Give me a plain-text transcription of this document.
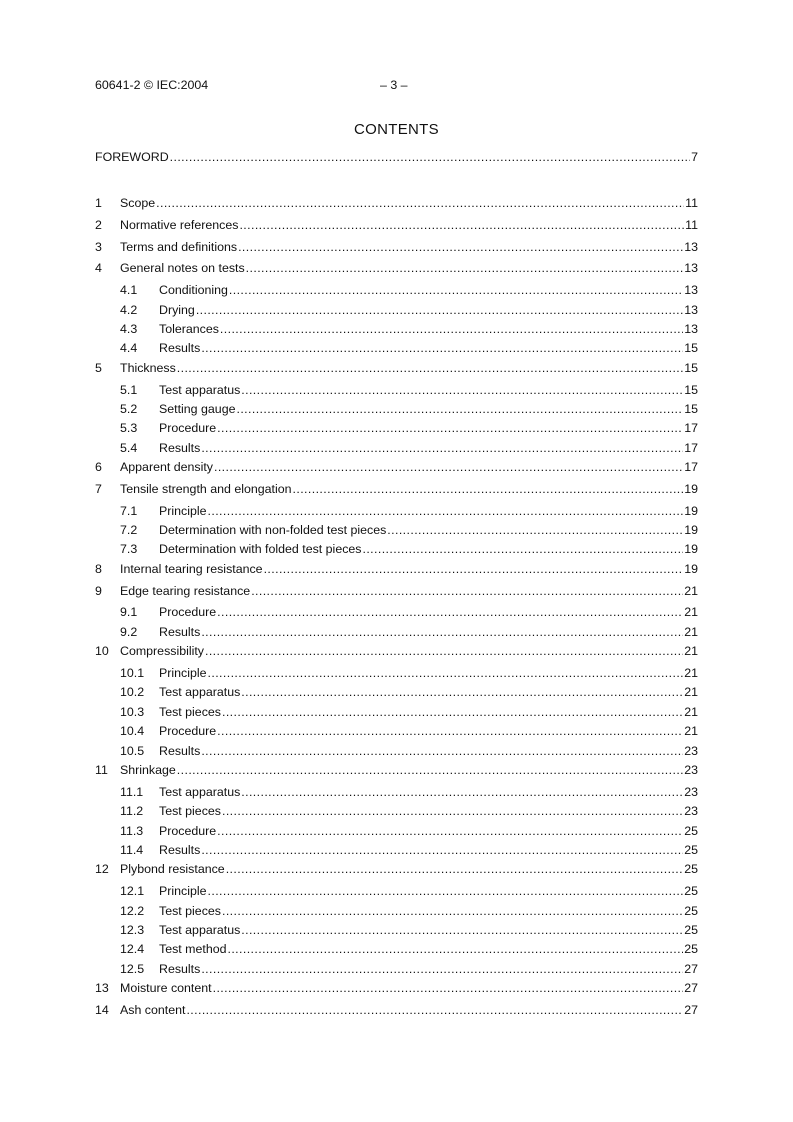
60641-2 © IEC:2004	– 3 –
CONTENTS
FOREWORD .....	7
1	Scope .....	11
2	Normative references .....	11
3	Terms and definitions .....	13
4	General notes on tests .....	13
4.1	Conditioning .....	13
4.2	Drying .....	13
4.3	Tolerances .....	13
4.4	Results .....	15
5	Thickness .....	15
5.1	Test apparatus .....	15
5.2	Setting gauge .....	15
5.3	Procedure .....	17
5.4	Results .....	17
6	Apparent density .....	17
7	Tensile strength and elongation .....	19
7.1	Principle .....	19
7.2	Determination with non-folded test pieces .....	19
7.3	Determination with folded test pieces .....	19
8	Internal tearing resistance .....	19
9	Edge tearing resistance .....	21
9.1	Procedure .....	21
9.2	Results .....	21
10 Compressibility .....	21
10.1	Principle .....	21
10.2	Test apparatus .....	21
10.3	Test pieces .....	21
10.4	Procedure .....	21
10.5	Results .....	23
11 Shrinkage .....	23
11.1	Test apparatus .....	23
11.2	Test pieces .....	23
11.3	Procedure .....	25
11.4	Results .....	25
12 Plybond resistance .....	25
12.1	Principle .....	25
12.2	Test pieces .....	25
12.3	Test apparatus .....	25
12.4	Test method .....	25
12.5	Results .....	27
13 Moisture content .....	27
14 Ash content .....	27
